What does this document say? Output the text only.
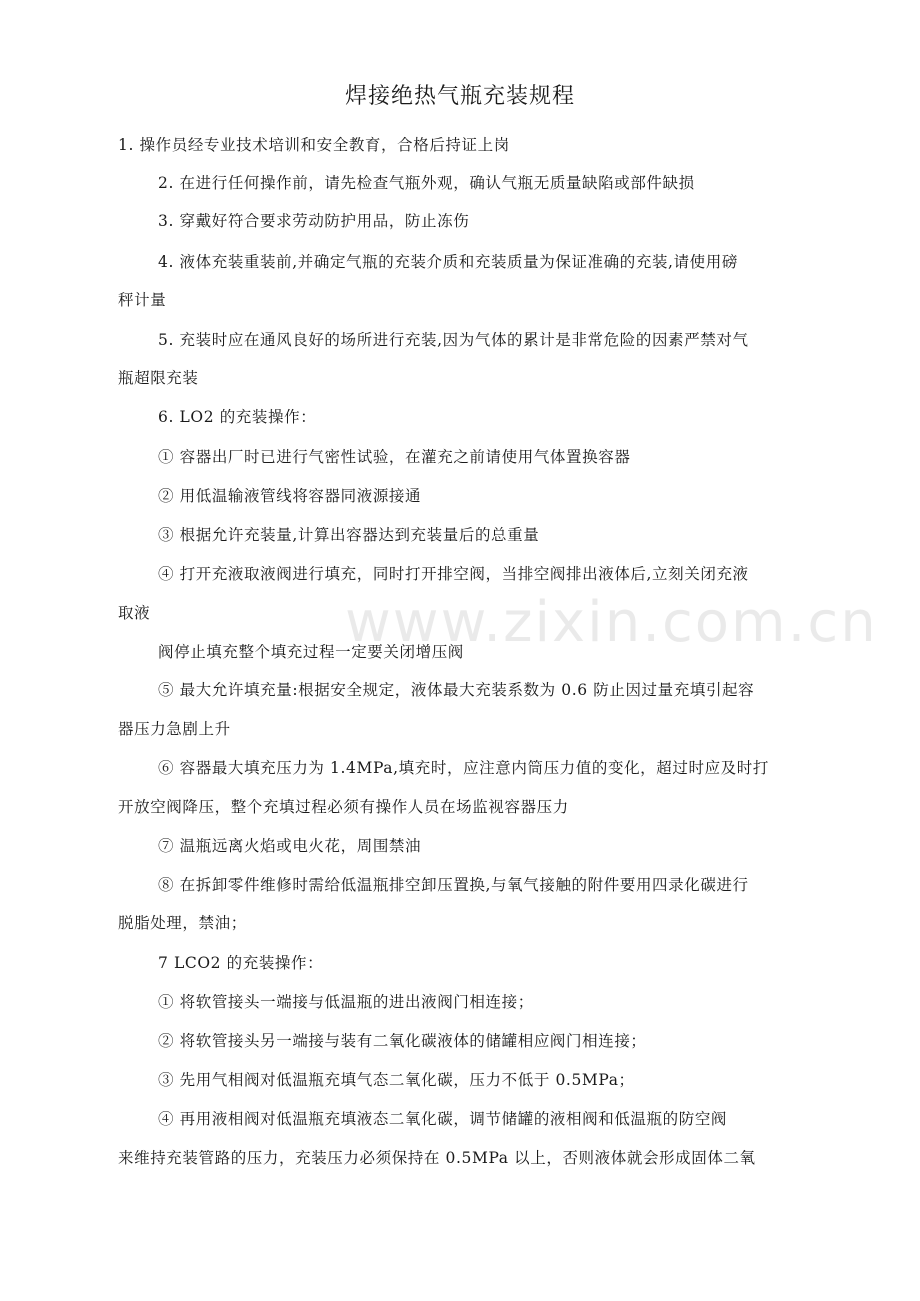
www.zixin.com.cn
焊接绝热气瓶充装规程
1. 操作员经专业技术培训和安全教育，合格后持证上岗
2. 在进行任何操作前，请先检查气瓶外观，确认气瓶无质量缺陷或部件缺损
3. 穿戴好符合要求劳动防护用品，防止冻伤
4. 液体充装重装前,并确定气瓶的充装介质和充装质量为保证准确的充装,请使用磅
秤计量
5. 充装时应在通风良好的场所进行充装,因为气体的累计是非常危险的因素严禁对气
瓶超限充装
6. LO2 的充装操作：
① 容器出厂时已进行气密性试验，在灌充之前请使用气体置换容器
② 用低温输液管线将容器同液源接通
③ 根据允许充装量,计算出容器达到充装量后的总重量
④ 打开充液取液阀进行填充，同时打开排空阀，当排空阀排出液体后,立刻关闭充液
取液
阀停止填充整个填充过程一定要关闭增压阀
⑤ 最大允许填充量:根据安全规定，液体最大充装系数为 0.6 防止因过量充填引起容
器压力急剧上升
⑥ 容器最大填充压力为 1.4MPa,填充时，应注意内筒压力值的变化，超过时应及时打
开放空阀降压，整个充填过程必须有操作人员在场监视容器压力
⑦ 温瓶远离火焰或电火花，周围禁油
⑧ 在拆卸零件维修时需给低温瓶排空卸压置换,与氧气接触的附件要用四录化碳进行
脱脂处理，禁油；
7 LCO2 的充装操作：
① 将软管接头一端接与低温瓶的进出液阀门相连接；
② 将软管接头另一端接与装有二氧化碳液体的储罐相应阀门相连接；
③ 先用气相阀对低温瓶充填气态二氧化碳，压力不低于 0.5MPa；
④ 再用液相阀对低温瓶充填液态二氧化碳，调节储罐的液相阀和低温瓶的防空阀
来维持充装管路的压力，充装压力必须保持在 0.5MPa 以上，否则液体就会形成固体二氧
